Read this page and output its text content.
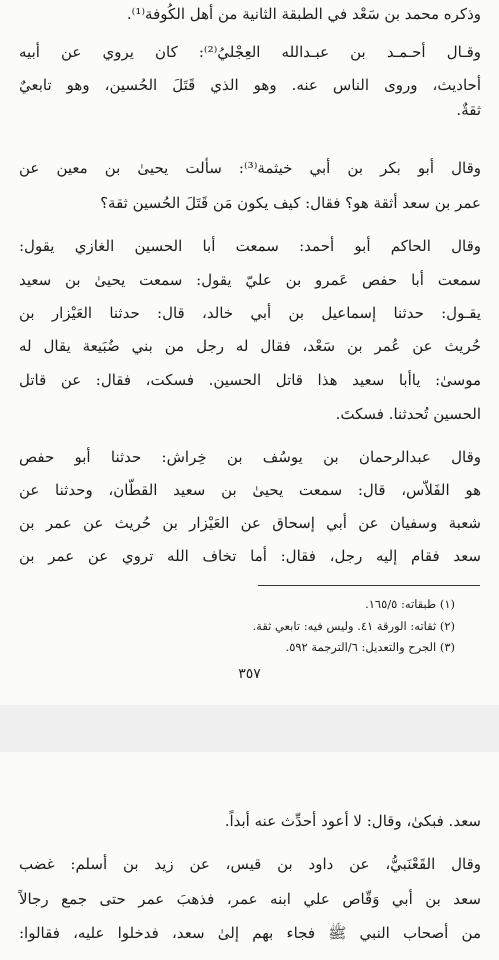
وذكره محمد بن سَعْد في الطبقة الثانية من أهل الكُوفة⁽¹⁾.
وقـال أحـمـد بن عبـدالله العِجْليُ⁽²⁾: كان يروي عن أبيه
أحاديث، وروى الناس عنه. وهو الذي قَتَلَ الحُسين، وهو تابعيٌ
ثقةٌ.
وقال أبو بكر بن أبي خيثمة⁽³⁾: سألت يحيىٰ بن معين عن
عمر بن سعد أثقة هو؟ فقال: كيف يكون مَن قَتَلَ الحُسين ثقة؟
وقال الحاكم أبو أحمد: سمعت أبا الحسين الغازي يقول:
سمعت أبا حفص عَمرو بن عليّ يقول: سمعت يحيىٰ بن سعيد
يقـول: حدثنا إسماعيل بن أبي خالد، قال: حدثنا العَيْزار بن
حُريث عن عُمر بن سَعْد، فقال له رجل من بني ضُبَيعة يقال له
موسىٰ: ياأبا سعيد هذا قاتل الحسين. فسكت، فقال: عن قاتل
الحسين تُحدثنا. فسكتَ.
وقال عبدالرحمان بن يوسُف بن خِراش: حدثنا أبو حفص
هو الفَلاّس، قال: سمعت يحيىٰ بن سعيد القطّان، وحدثنا عن
شعبة وسفيان عن أبي إسحاق عن العَيْزار بن حُريث عن عمر بن
سعد فقام إليه رجل، فقال: أما تخاف الله تروي عن عمر بن
(١) طبقاته: ١٦٥/٥.
(٢) ثقاته: الورقة ٤١. وليس فيه: تابعي ثقة.
(٣) الجرح والتعديل: ٦/الترجمة ٥٩٢.
٣٥٧
سعد. فبكىٰ، وقال: لا أعود أحدِّث عنه أبداً.
وقال القَعْنَبيُّ، عن داود بن قيس، عن زيد بن أسلم: غضب
سعد بن أبي وَقّاص علي ابنه عمر، فذهبَ عمر حتى جمع رجالاً
من أصحاب النبي ﷺ فجاء بهم إلىٰ سعد، فدخلوا عليه، فقالوا:
